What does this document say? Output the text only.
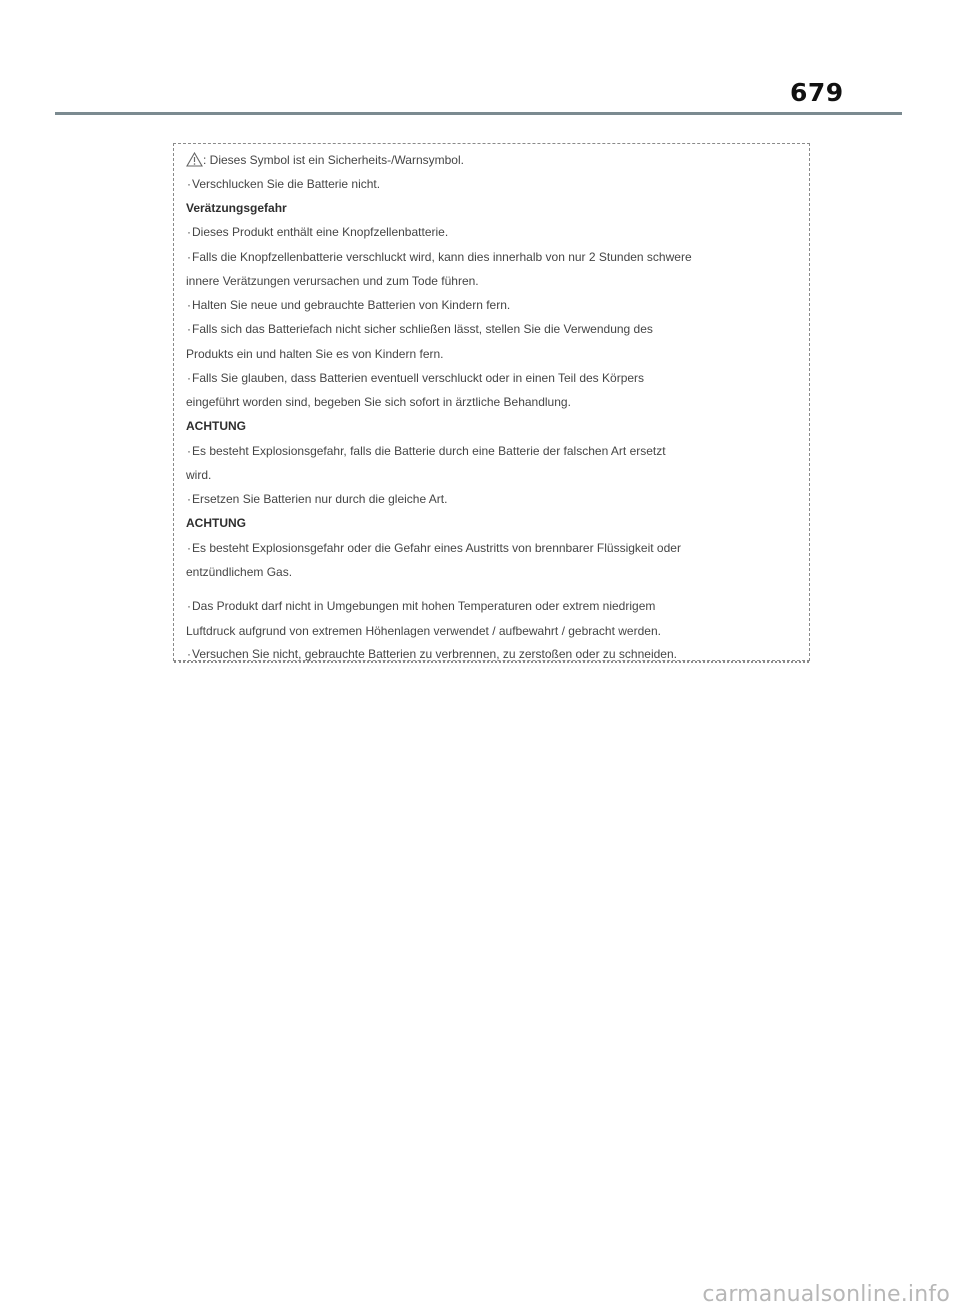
679
: Dieses Symbol ist ein Sicherheits-/Warnsymbol.
·Verschlucken Sie die Batterie nicht.
Verätzungsgefahr
·Dieses Produkt enthält eine Knopfzellenbatterie.
·Falls die Knopfzellenbatterie verschluckt wird, kann dies innerhalb von nur 2 Stunden schwere
innere Verätzungen verursachen und zum Tode führen.
·Halten Sie neue und gebrauchte Batterien von Kindern fern.
·Falls sich das Batteriefach nicht sicher schließen lässt, stellen Sie die Verwendung des
Produkts ein und halten Sie es von Kindern fern.
·Falls Sie glauben, dass Batterien eventuell verschluckt oder in einen Teil des Körpers
eingeführt worden sind, begeben Sie sich sofort in ärztliche Behandlung.
ACHTUNG
·Es besteht Explosionsgefahr, falls die Batterie durch eine Batterie der falschen Art ersetzt
wird.
·Ersetzen Sie Batterien nur durch die gleiche Art.
ACHTUNG
·Es besteht Explosionsgefahr oder die Gefahr eines Austritts von brennbarer Flüssigkeit oder
entzündlichem Gas.
·Das Produkt darf nicht in Umgebungen mit hohen Temperaturen oder extrem niedrigem
Luftdruck aufgrund von extremen Höhenlagen verwendet / aufbewahrt / gebracht werden.
·Versuchen Sie nicht, gebrauchte Batterien zu verbrennen, zu zerstoßen oder zu schneiden.
carmanualsonline.info
